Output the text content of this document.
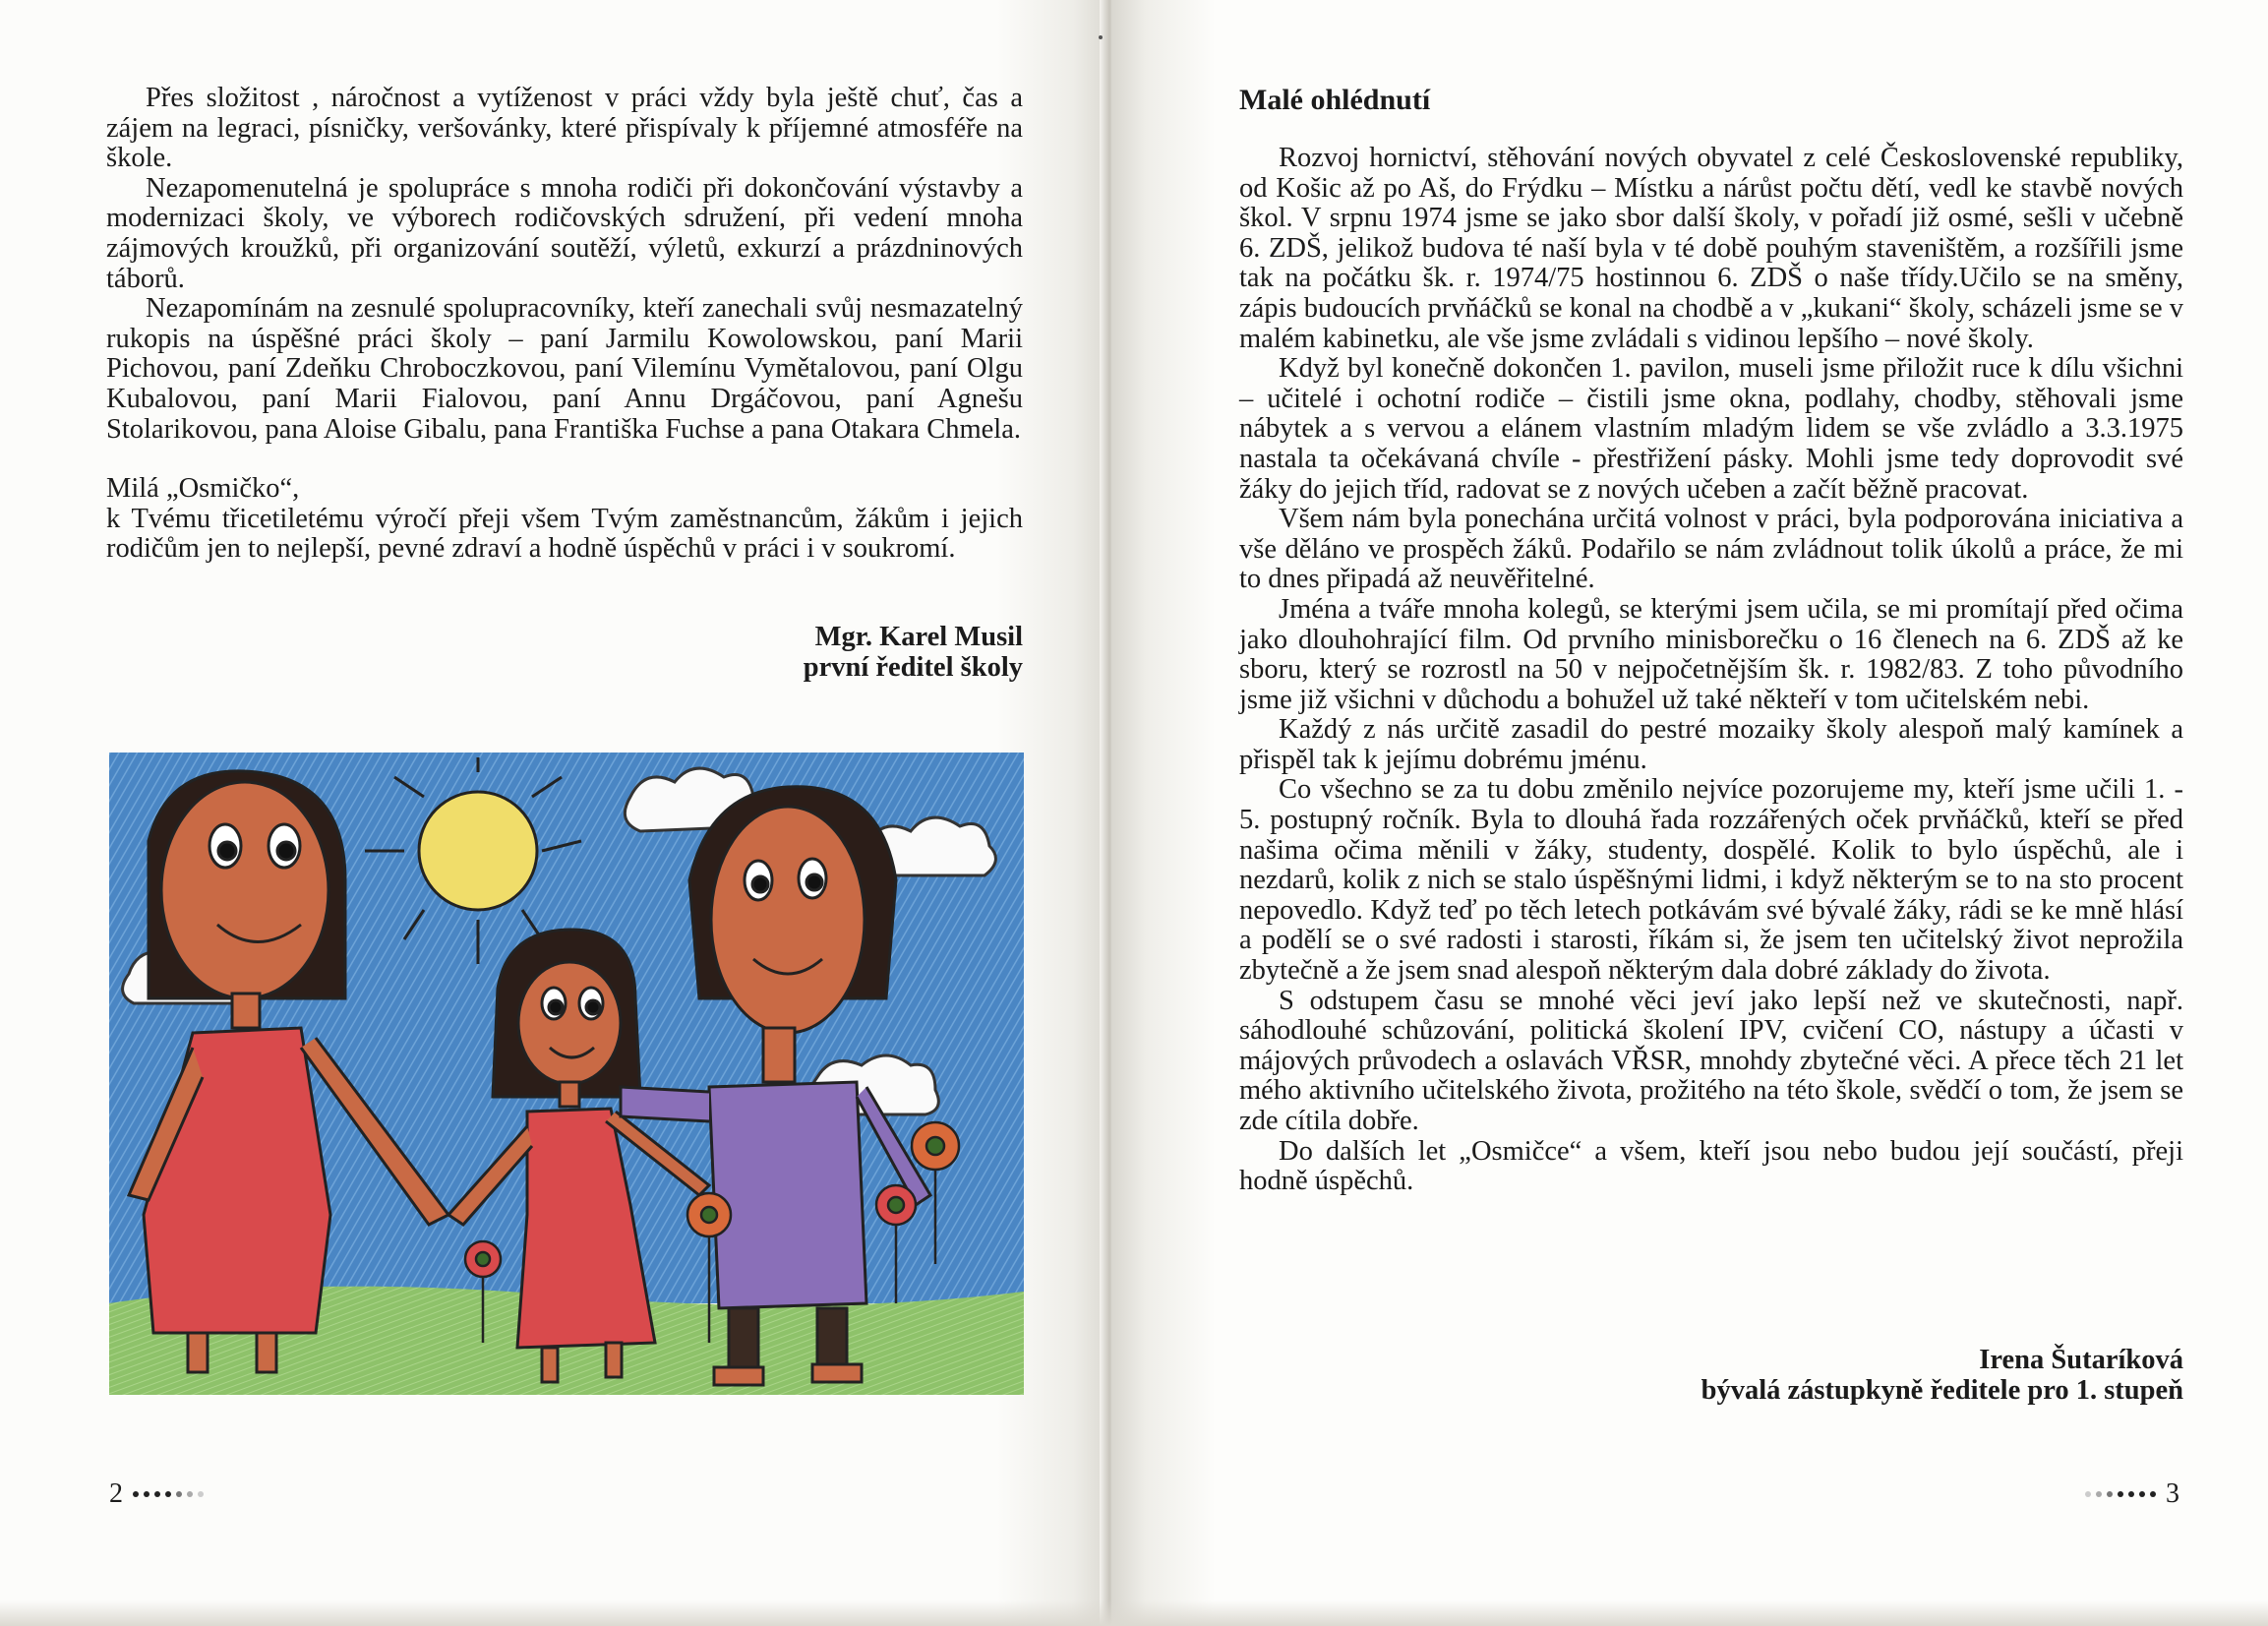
Přes složitost , náročnost a vytíženost v práci vždy byla ještě chuť, čas a zájem na legraci, písničky, veršovánky, které přispívaly k příjemné atmosféře na škole.

Nezapomenutelná je spolupráce s mnoha rodiči při dokončování výstavby a modernizaci školy, ve výborech rodičovských sdružení, při vedení mnoha zájmových kroužků, při organizování soutěží, výletů, exkurzí a prázdninových táborů.

Nezapomínám na zesnulé spolupracovníky, kteří zanechali svůj nesmazatelný rukopis na úspěšné práci školy – paní Jarmilu Kowolowskou, paní Marii Pichovou, paní Zdeňku Chroboczkovou, paní Vilemínu Vymětalovou, paní Olgu Kubalovou, paní Marii Fialovou, paní Annu Drgáčovou, paní Agnešu Stolarikovou, pana Aloise Gibalu, pana Františka Fuchse a pana Otakara Chmela.

Milá „Osmičko“,

k Tvému třicetiletému výročí přeji všem Tvým zaměstnancům, žákům i jejich rodičům jen to nejlepší, pevné zdraví a hodně úspěchů v práci i v soukromí.

Mgr. Karel Musil
první ředitel školy
2
Malé ohlédnutí

Rozvoj hornictví, stěhování nových obyvatel z celé Československé republiky, od Košic až po Aš, do Frýdku – Místku a nárůst počtu dětí, vedl ke stavbě nových škol. V srpnu 1974 jsme se jako sbor další školy, v pořadí již osmé, sešli v učebně 6. ZDŠ, jelikož budova té naší byla v té době pouhým staveništěm, a rozšířili jsme tak na počátku šk. r. 1974/75 hostinnou 6. ZDŠ o naše třídy.Učilo se na směny, zápis budoucích prvňáčků se konal na chodbě a v „kukani“ školy, scházeli jsme se v malém kabinetku, ale vše jsme zvládali s vidinou lepšího – nové školy.

Když byl konečně dokončen 1. pavilon, museli jsme přiložit ruce k dílu všichni – učitelé i ochotní rodiče – čistili jsme okna, podlahy, chodby, stěhovali jsme nábytek a s vervou a elánem vlastním mladým lidem se vše zvládlo a 3.3.1975 nastala ta očekávaná chvíle - přestřižení pásky. Mohli jsme tedy doprovodit své žáky do jejich tříd, radovat se z nových učeben a začít běžně pracovat.

Všem nám byla ponechána určitá volnost v práci, byla podporována iniciativa a vše děláno ve prospěch žáků. Podařilo se nám zvládnout tolik úkolů a práce, že mi to dnes připadá až neuvěřitelné.

Jména a tváře mnoha kolegů, se kterými jsem učila, se mi promítají před očima jako dlouhohrající film. Od prvního minisborečku o 16 členech na 6. ZDŠ až ke sboru, který se rozrostl na 50 v nejpočetnějším šk. r. 1982/83. Z toho původního jsme již všichni v důchodu a bohužel už také někteří v tom učitelském nebi.

Každý z nás určitě zasadil do pestré mozaiky školy alespoň malý kamínek a přispěl tak k jejímu dobrému jménu.

Co všechno se za tu dobu změnilo nejvíce pozorujeme my, kteří jsme učili 1. - 5. postupný ročník. Byla to dlouhá řada rozzářených oček prvňáčků, kteří se před našima očima měnili v žáky, studenty, dospělé. Kolik to bylo úspěchů, ale i nezdarů, kolik z nich se stalo úspěšnými lidmi, i když některým se to na sto procent nepovedlo. Když teď po těch letech potkávám své bývalé žáky, rádi se ke mně hlásí a podělí se o své radosti i starosti, říkám si, že jsem ten učitelský život neprožila zbytečně a že jsem snad alespoň některým dala dobré základy do života.

S odstupem času se mnohé věci jeví jako lepší než ve skutečnosti, např. sáhodlouhé schůzování, politická školení IPV, cvičení CO, nástupy a účasti v májových průvodech a oslavách VŘSR, mnohdy zbytečné věci. A přece těch 21 let mého aktivního učitelského života, prožitého na této škole, svědčí o tom, že jsem se zde cítila dobře.

Do dalších let „Osmičce“ a všem, kteří jsou nebo budou její součástí, přeji hodně úspěchů.

Irena Šutaríková
bývalá zástupkyně ředitele pro 1. stupeň
3
